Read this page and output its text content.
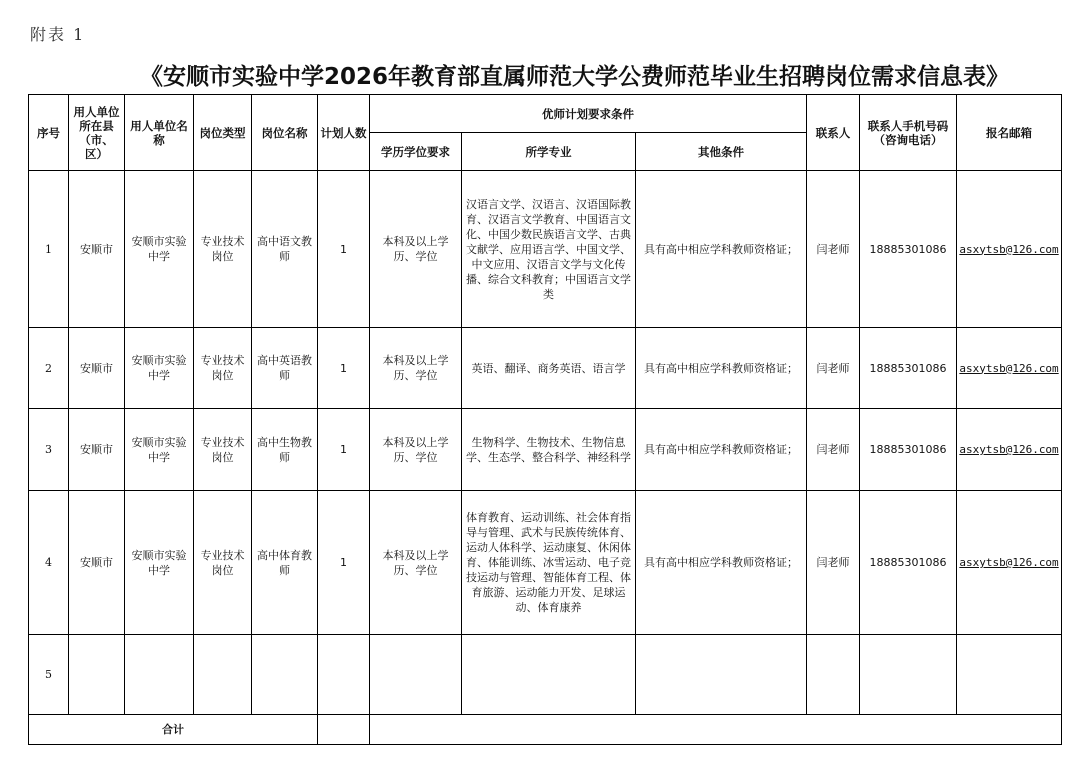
附表 1
《安顺市实验中学2026年教育部直属师范大学公费师范毕业生招聘岗位需求信息表》
序号	用人单位所在县（市、区）	用人单位名称	岗位类型	岗位名称	计划人数	优师计划要求条件			联系人	联系人手机号码（咨询电话）	报名邮箱
						学历学位要求	所学专业	其他条件			
1	安顺市	安顺市实验中学	专业技术岗位	高中语文教师	1	本科及以上学历、学位	汉语言文学、汉语言、汉语国际教育、汉语言文学教育、中国语言文化、中国少数民族语言文学、古典文献学、应用语言学、中国文学、中文应用、汉语言文学与文化传播、综合文科教育；中国语言文学类	具有高中相应学科教师资格证；	闫老师	18885301086	asxytsb@126.com
2	安顺市	安顺市实验中学	专业技术岗位	高中英语教师	1	本科及以上学历、学位	英语、翻译、商务英语、语言学	具有高中相应学科教师资格证；	闫老师	18885301086	asxytsb@126.com
3	安顺市	安顺市实验中学	专业技术岗位	高中生物教师	1	本科及以上学历、学位	生物科学、生物技术、生物信息学、生态学、整合科学、神经科学	具有高中相应学科教师资格证；	闫老师	18885301086	asxytsb@126.com
4	安顺市	安顺市实验中学	专业技术岗位	高中体育教师	1	本科及以上学历、学位	体育教育、运动训练、社会体育指导与管理、武术与民族传统体育、运动人体科学、运动康复、休闲体育、体能训练、冰雪运动、电子竞技运动与管理、智能体育工程、体育旅游、运动能力开发、足球运动、体育康养	具有高中相应学科教师资格证；	闫老师	18885301086	asxytsb@126.com
5											
合计											
